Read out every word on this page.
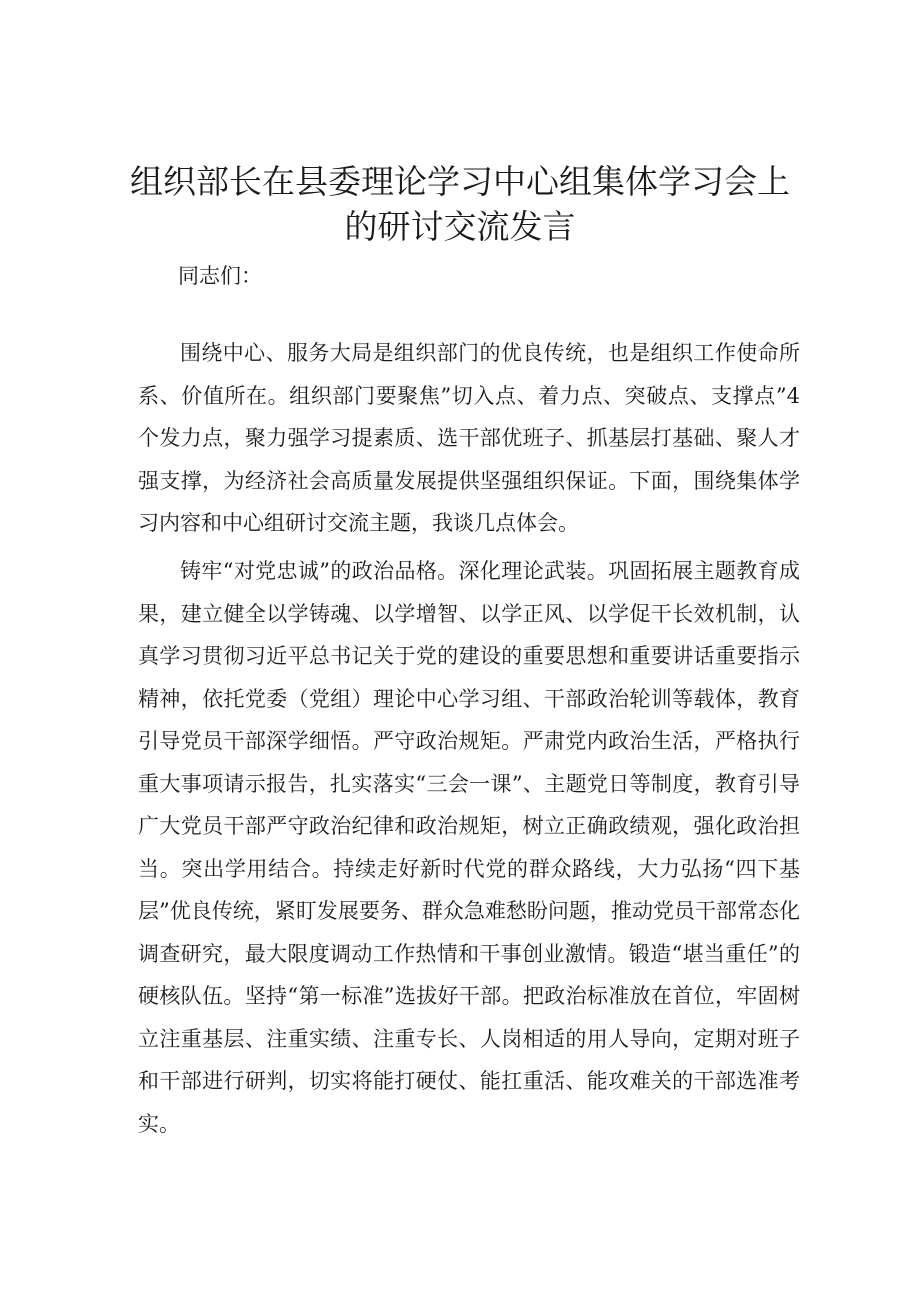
组织部长在县委理论学习中心组集体学习会上
的研讨交流发言
同志们：

围绕中心、服务大局是组织部门的优良传统，也是组织工作使命所系、价值所在。组织部门要聚焦”切入点、着力点、突破点、支撑点”4个发力点，聚力强学习提素质、选干部优班子、抓基层打基础、聚人才强支撑，为经济社会高质量发展提供坚强组织保证。下面，围绕集体学习内容和中心组研讨交流主题，我谈几点体会。

铸牢“对党忠诚”的政治品格。深化理论武装。巩固拓展主题教育成果，建立健全以学铸魂、以学增智、以学正风、以学促干长效机制，认真学习贯彻习近平总书记关于党的建设的重要思想和重要讲话重要指示精神，依托党委（党组）理论中心学习组、干部政治轮训等载体，教育引导党员干部深学细悟。严守政治规矩。严肃党内政治生活，严格执行重大事项请示报告，扎实落实“三会一课”、主题党日等制度，教育引导广大党员干部严守政治纪律和政治规矩，树立正确政绩观，强化政治担当。突出学用结合。持续走好新时代党的群众路线，大力弘扬“四下基层”优良传统，紧盯发展要务、群众急难愁盼问题，推动党员干部常态化调查研究，最大限度调动工作热情和干事创业激情。锻造“堪当重任”的硬核队伍。坚持“第一标准”选拔好干部。把政治标准放在首位，牢固树立注重基层、注重实绩、注重专长、人岗相适的用人导向，定期对班子和干部进行研判，切实将能打硬仗、能扛重活、能攻难关的干部选准考实。
